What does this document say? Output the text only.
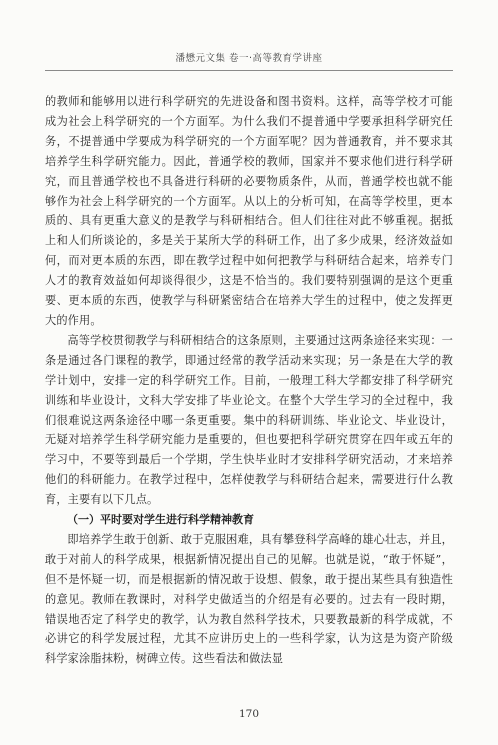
潘懋元文集 卷一·高等教育学讲座

的教师和能够用以进行科学研究的先进设备和图书资料。这样，高等学校才可能成为社会上科学研究的一个方面军。为什么我们不提普通中学要承担科学研究任务，不提普通中学要成为科学研究的一个方面军呢？因为普通教育，并不要求其培养学生科学研究能力。因此，普通学校的教师，国家并不要求他们进行科学研究，而且普通学校也不具备进行科研的必要物质条件，从而，普通学校也就不能够作为社会上科学研究的一个方面军。从以上的分析可知，在高等学校里，更本质的、具有更重大意义的是教学与科研相结合。但人们往往对此不够重视。据抵上和人们所谈论的，多是关于某所大学的科研工作，出了多少成果，经济效益如何，而对更本质的东西，即在教学过程中如何把教学与科研结合起来，培养专门人才的教育效益如何却谈得很少，这是不恰当的。我们要特别强调的是这个更重要、更本质的东西，使教学与科研紧密结合在培养大学生的过程中，使之发挥更大的作用。

高等学校贯彻教学与科研相结合的这条原则，主要通过这两条途径来实现：一条是通过各门课程的教学，即通过经常的教学活动来实现；另一条是在大学的教学计划中，安排一定的科学研究工作。目前，一般理工科大学都安排了科学研究训练和毕业设计，文科大学安排了毕业论文。在整个大学生学习的全过程中，我们很难说这两条途径中哪一条更重要。集中的科研训练、毕业论文、毕业设计，无疑对培养学生科学研究能力是重要的，但也要把科学研究贯穿在四年或五年的学习中，不要等到最后一个学期，学生快毕业时才安排科学研究活动，才来培养他们的科研能力。在教学过程中，怎样使教学与科研结合起来，需要进行什么教育，主要有以下几点。

（一）平时要对学生进行科学精神教育

即培养学生敢于创新、敢于克服困难，具有攀登科学高峰的雄心壮志，并且，敢于对前人的科学成果，根据新情况提出自己的见解。也就是说，“敢于怀疑”，但不是怀疑一切，而是根据新的情况敢于设想、假象，敢于提出某些具有独造性的意见。教师在教课时，对科学史做适当的介绍是有必要的。过去有一段时期，错误地否定了科学史的教学，认为教自然科学技术，只要教最新的科学成就，不必讲它的科学发展过程，尤其不应讲历史上的一些科学家，认为这是为资产阶级科学家涂脂抹粉，树碑立传。这些看法和做法显

170
